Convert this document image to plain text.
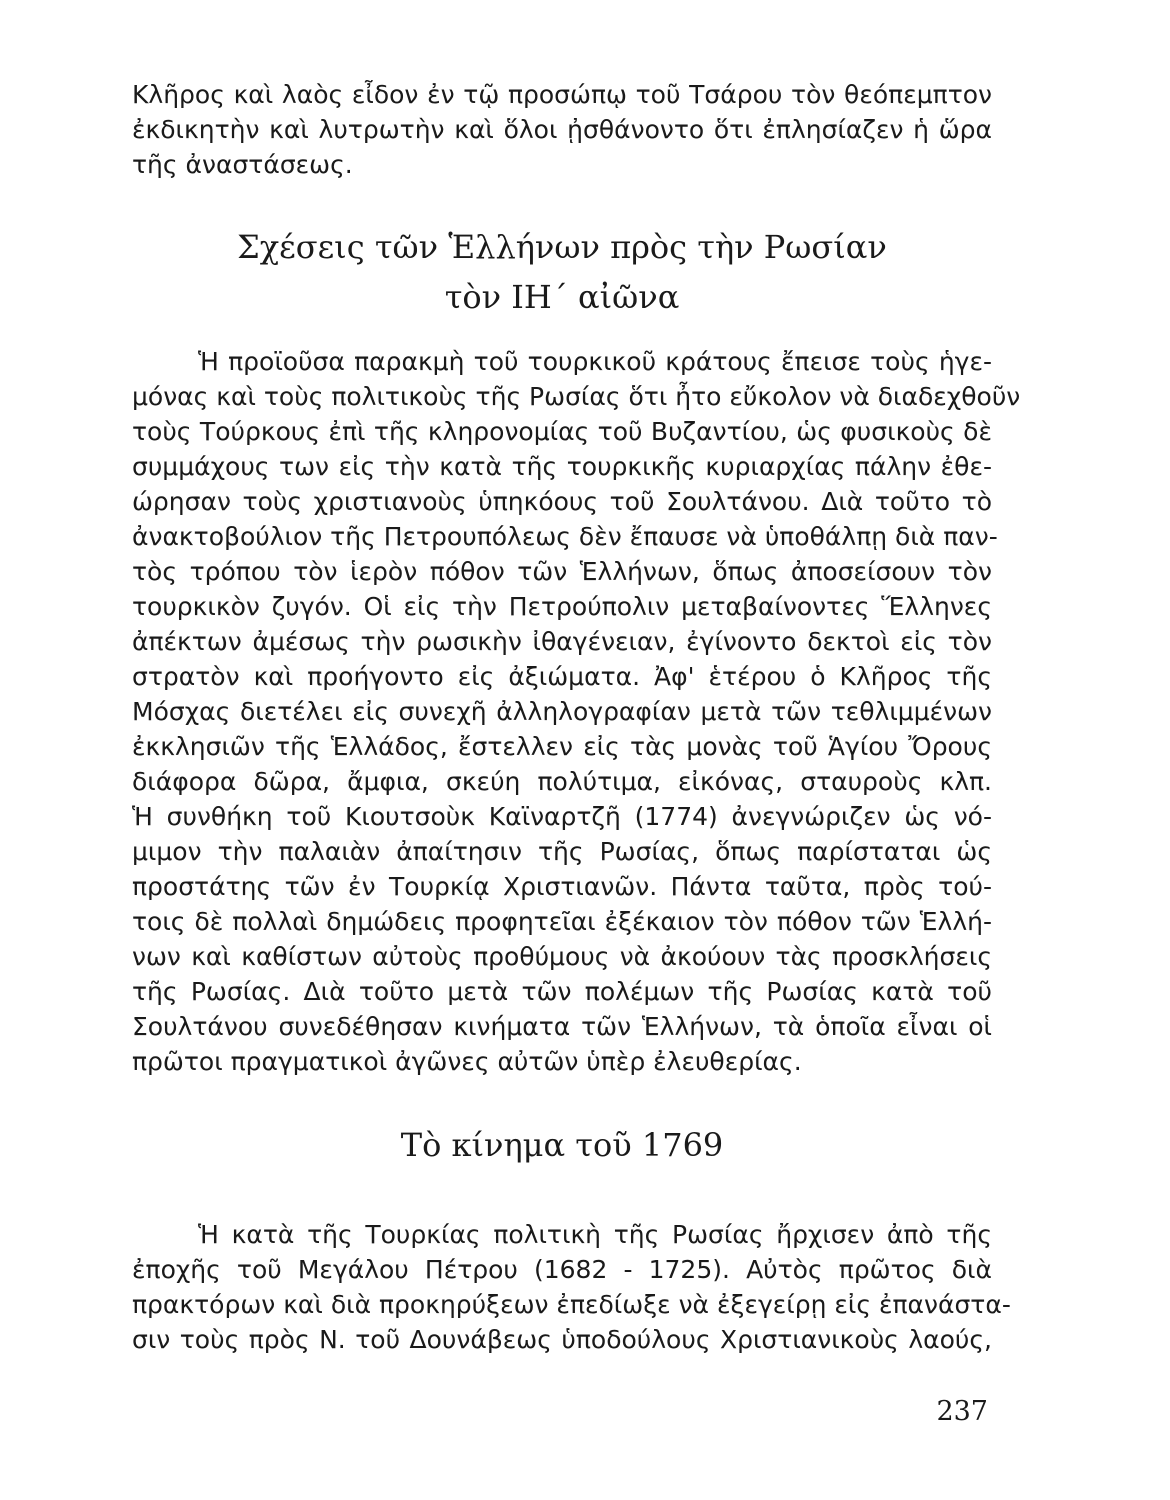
Κλῆρος καὶ λαὸς εἶδον ἐν τῷ προσώπῳ τοῦ Τσάρου τὸν θεόπεμπτον
ἐκδικητὴν καὶ λυτρωτὴν καὶ ὅλοι ᾐσθάνοντο ὅτι ἐπλησίαζεν ἡ ὥρα
τῆς ἀναστάσεως.
Σχέσεις τῶν Ἑλλήνων πρὸς τὴν Ρωσίαν
τὸν ΙΗ΄ αἰῶνα
Ἡ προϊοῦσα παρακμὴ τοῦ τουρκικοῦ κράτους ἔπεισε τοὺς ἡγε-
μόνας καὶ τοὺς πολιτικοὺς τῆς Ρωσίας ὅτι ἦτο εὔκολον νὰ διαδεχθοῦν
τοὺς Τούρκους ἐπὶ τῆς κληρονομίας τοῦ Βυζαντίου, ὡς φυσικοὺς δὲ
συμμάχους των εἰς τὴν κατὰ τῆς τουρκικῆς κυριαρχίας πάλην ἐθε-
ώρησαν τοὺς χριστιανοὺς ὑπηκόους τοῦ Σουλτάνου. Διὰ τοῦτο τὸ
ἀνακτοβούλιον τῆς Πετρουπόλεως δὲν ἔπαυσε νὰ ὑποθάλπῃ διὰ παν-
τὸς τρόπου τὸν ἱερὸν πόθον τῶν Ἑλλήνων, ὅπως ἀποσείσουν τὸν
τουρκικὸν ζυγόν. Οἱ εἰς τὴν Πετρούπολιν μεταβαίνοντες Ἕλληνες
ἀπέκτων ἀμέσως τὴν ρωσικὴν ἰθαγένειαν, ἐγίνοντο δεκτοὶ εἰς τὸν
στρατὸν καὶ προήγοντο εἰς ἀξιώματα. Ἀφ' ἑτέρου ὁ Κλῆρος τῆς
Μόσχας διετέλει εἰς συνεχῆ ἀλληλογραφίαν μετὰ τῶν τεθλιμμένων
ἐκκλησιῶν τῆς Ἑλλάδος, ἔστελλεν εἰς τὰς μονὰς τοῦ Ἁγίου Ὄρους
διάφορα δῶρα, ἄμφια, σκεύη πολύτιμα, εἰκόνας, σταυροὺς κλπ.
Ἡ συνθήκη τοῦ Κιουτσοὺκ Καϊναρτζῆ (1774) ἀνεγνώριζεν ὡς νό-
μιμον τὴν παλαιὰν ἀπαίτησιν τῆς Ρωσίας, ὅπως παρίσταται ὡς
προστάτης τῶν ἐν Τουρκίᾳ Χριστιανῶν. Πάντα ταῦτα, πρὸς τού-
τοις δὲ πολλαὶ δημώδεις προφητεῖαι ἐξέκαιον τὸν πόθον τῶν Ἑλλή-
νων καὶ καθίστων αὐτοὺς προθύμους νὰ ἀκούουν τὰς προσκλήσεις
τῆς Ρωσίας. Διὰ τοῦτο μετὰ τῶν πολέμων τῆς Ρωσίας κατὰ τοῦ
Σουλτάνου συνεδέθησαν κινήματα τῶν Ἑλλήνων, τὰ ὁποῖα εἶναι οἱ
πρῶτοι πραγματικοὶ ἀγῶνες αὐτῶν ὑπὲρ ἐλευθερίας.
Τὸ κίνημα τοῦ 1769
Ἡ κατὰ τῆς Τουρκίας πολιτικὴ τῆς Ρωσίας ἤρχισεν ἀπὸ τῆς
ἐποχῆς τοῦ Μεγάλου Πέτρου (1682 - 1725). Αὐτὸς πρῶτος διὰ
πρακτόρων καὶ διὰ προκηρύξεων ἐπεδίωξε νὰ ἐξεγείρῃ εἰς ἐπανάστα-
σιν τοὺς πρὸς Ν. τοῦ Δουνάβεως ὑποδούλους Χριστιανικοὺς λαούς,
237
